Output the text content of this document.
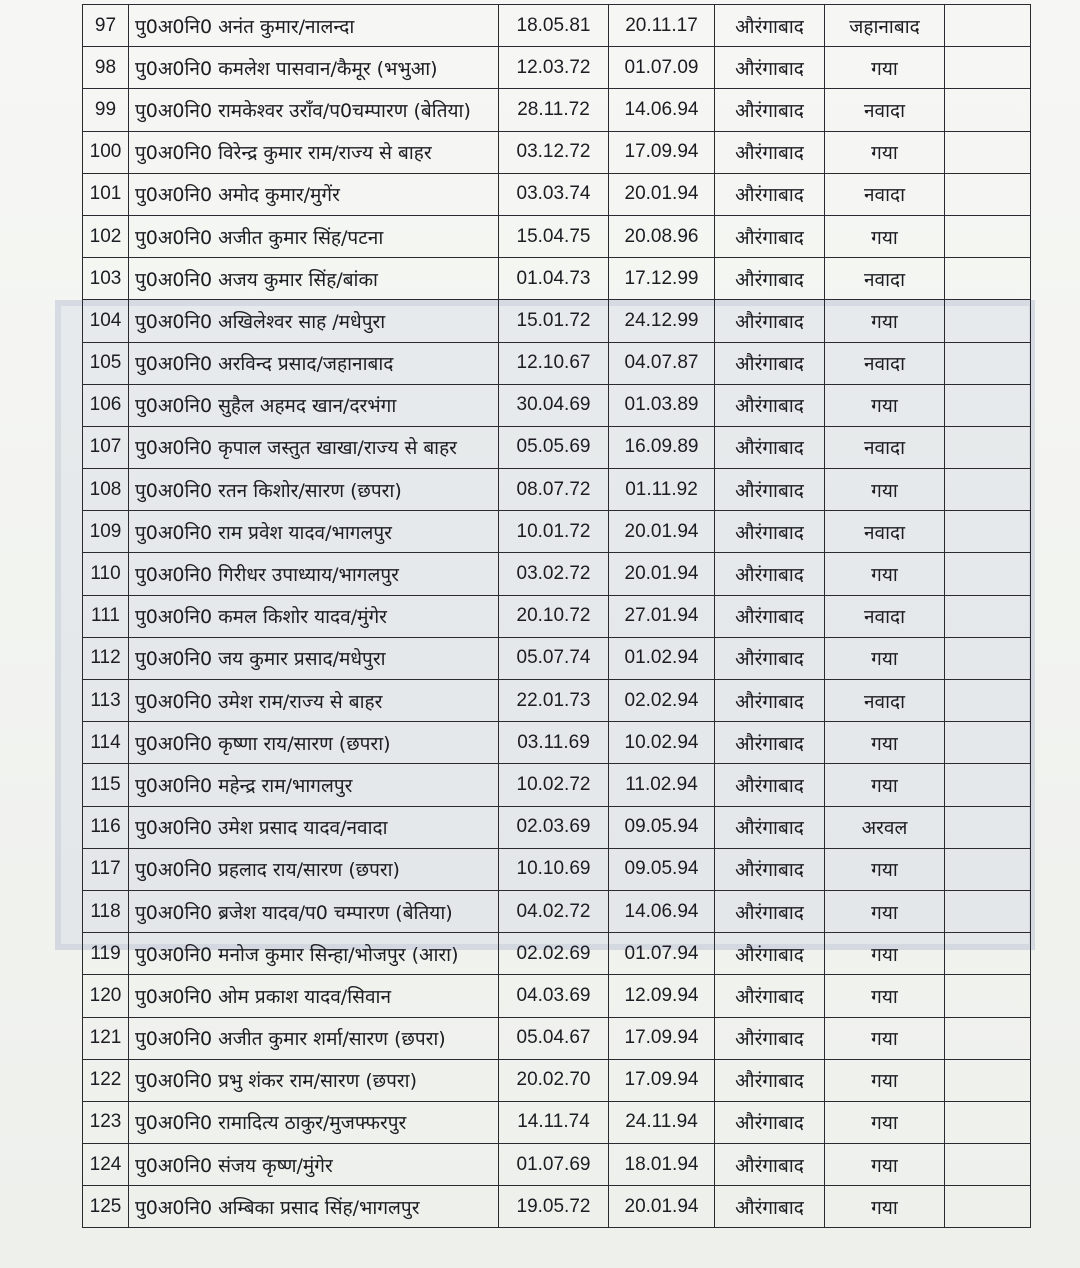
97	पु0अ0नि0 अनंत कुमार/नालन्दा	18.05.81	20.11.17	औरंगाबाद	जहानाबाद	
98	पु0अ0नि0 कमलेश पासवान/कैमूर (भभुआ)	12.03.72	01.07.09	औरंगाबाद	गया	
99	पु0अ0नि0 रामकेश्वर उराँव/प0चम्पारण (बेतिया)	28.11.72	14.06.94	औरंगाबाद	नवादा	
100	पु0अ0नि0 विरेन्द्र कुमार राम/राज्य से बाहर	03.12.72	17.09.94	औरंगाबाद	गया	
101	पु0अ0नि0 अमोद कुमार/मुगेंर	03.03.74	20.01.94	औरंगाबाद	नवादा	
102	पु0अ0नि0 अजीत कुमार सिंह/पटना	15.04.75	20.08.96	औरंगाबाद	गया	
103	पु0अ0नि0 अजय कुमार सिंह/बांका	01.04.73	17.12.99	औरंगाबाद	नवादा	
104	पु0अ0नि0 अखिलेश्वर साह /मधेपुरा	15.01.72	24.12.99	औरंगाबाद	गया	
105	पु0अ0नि0 अरविन्द प्रसाद/जहानाबाद	12.10.67	04.07.87	औरंगाबाद	नवादा	
106	पु0अ0नि0 सुहैल अहमद खान/दरभंगा	30.04.69	01.03.89	औरंगाबाद	गया	
107	पु0अ0नि0 कृपाल जस्तुत खाखा/राज्य से बाहर	05.05.69	16.09.89	औरंगाबाद	नवादा	
108	पु0अ0नि0 रतन किशोर/सारण (छपरा)	08.07.72	01.11.92	औरंगाबाद	गया	
109	पु0अ0नि0 राम प्रवेश यादव/भागलपुर	10.01.72	20.01.94	औरंगाबाद	नवादा	
110	पु0अ0नि0 गिरीधर उपाध्याय/भागलपुर	03.02.72	20.01.94	औरंगाबाद	गया	
111	पु0अ0नि0 कमल किशोर यादव/मुंगेर	20.10.72	27.01.94	औरंगाबाद	नवादा	
112	पु0अ0नि0 जय कुमार प्रसाद/मधेपुरा	05.07.74	01.02.94	औरंगाबाद	गया	
113	पु0अ0नि0 उमेश राम/राज्य से बाहर	22.01.73	02.02.94	औरंगाबाद	नवादा	
114	पु0अ0नि0 कृष्णा राय/सारण (छपरा)	03.11.69	10.02.94	औरंगाबाद	गया	
115	पु0अ0नि0 महेन्द्र राम/भागलपुर	10.02.72	11.02.94	औरंगाबाद	गया	
116	पु0अ0नि0 उमेश प्रसाद यादव/नवादा	02.03.69	09.05.94	औरंगाबाद	अरवल	
117	पु0अ0नि0 प्रहलाद राय/सारण (छपरा)	10.10.69	09.05.94	औरंगाबाद	गया	
118	पु0अ0नि0 ब्रजेश यादव/प0 चम्पारण (बेतिया)	04.02.72	14.06.94	औरंगाबाद	गया	
119	पु0अ0नि0 मनोज कुमार सिन्हा/भोजपुर (आरा)	02.02.69	01.07.94	औरंगाबाद	गया	
120	पु0अ0नि0 ओम प्रकाश यादव/सिवान	04.03.69	12.09.94	औरंगाबाद	गया	
121	पु0अ0नि0 अजीत कुमार शर्मा/सारण (छपरा)	05.04.67	17.09.94	औरंगाबाद	गया	
122	पु0अ0नि0 प्रभु शंकर राम/सारण (छपरा)	20.02.70	17.09.94	औरंगाबाद	गया	
123	पु0अ0नि0 रामादित्य ठाकुर/मुजफ्फरपुर	14.11.74	24.11.94	औरंगाबाद	गया	
124	पु0अ0नि0 संजय कृष्ण/मुंगेर	01.07.69	18.01.94	औरंगाबाद	गया	
125	पु0अ0नि0 अम्बिका प्रसाद सिंह/भागलपुर	19.05.72	20.01.94	औरंगाबाद	गया	
